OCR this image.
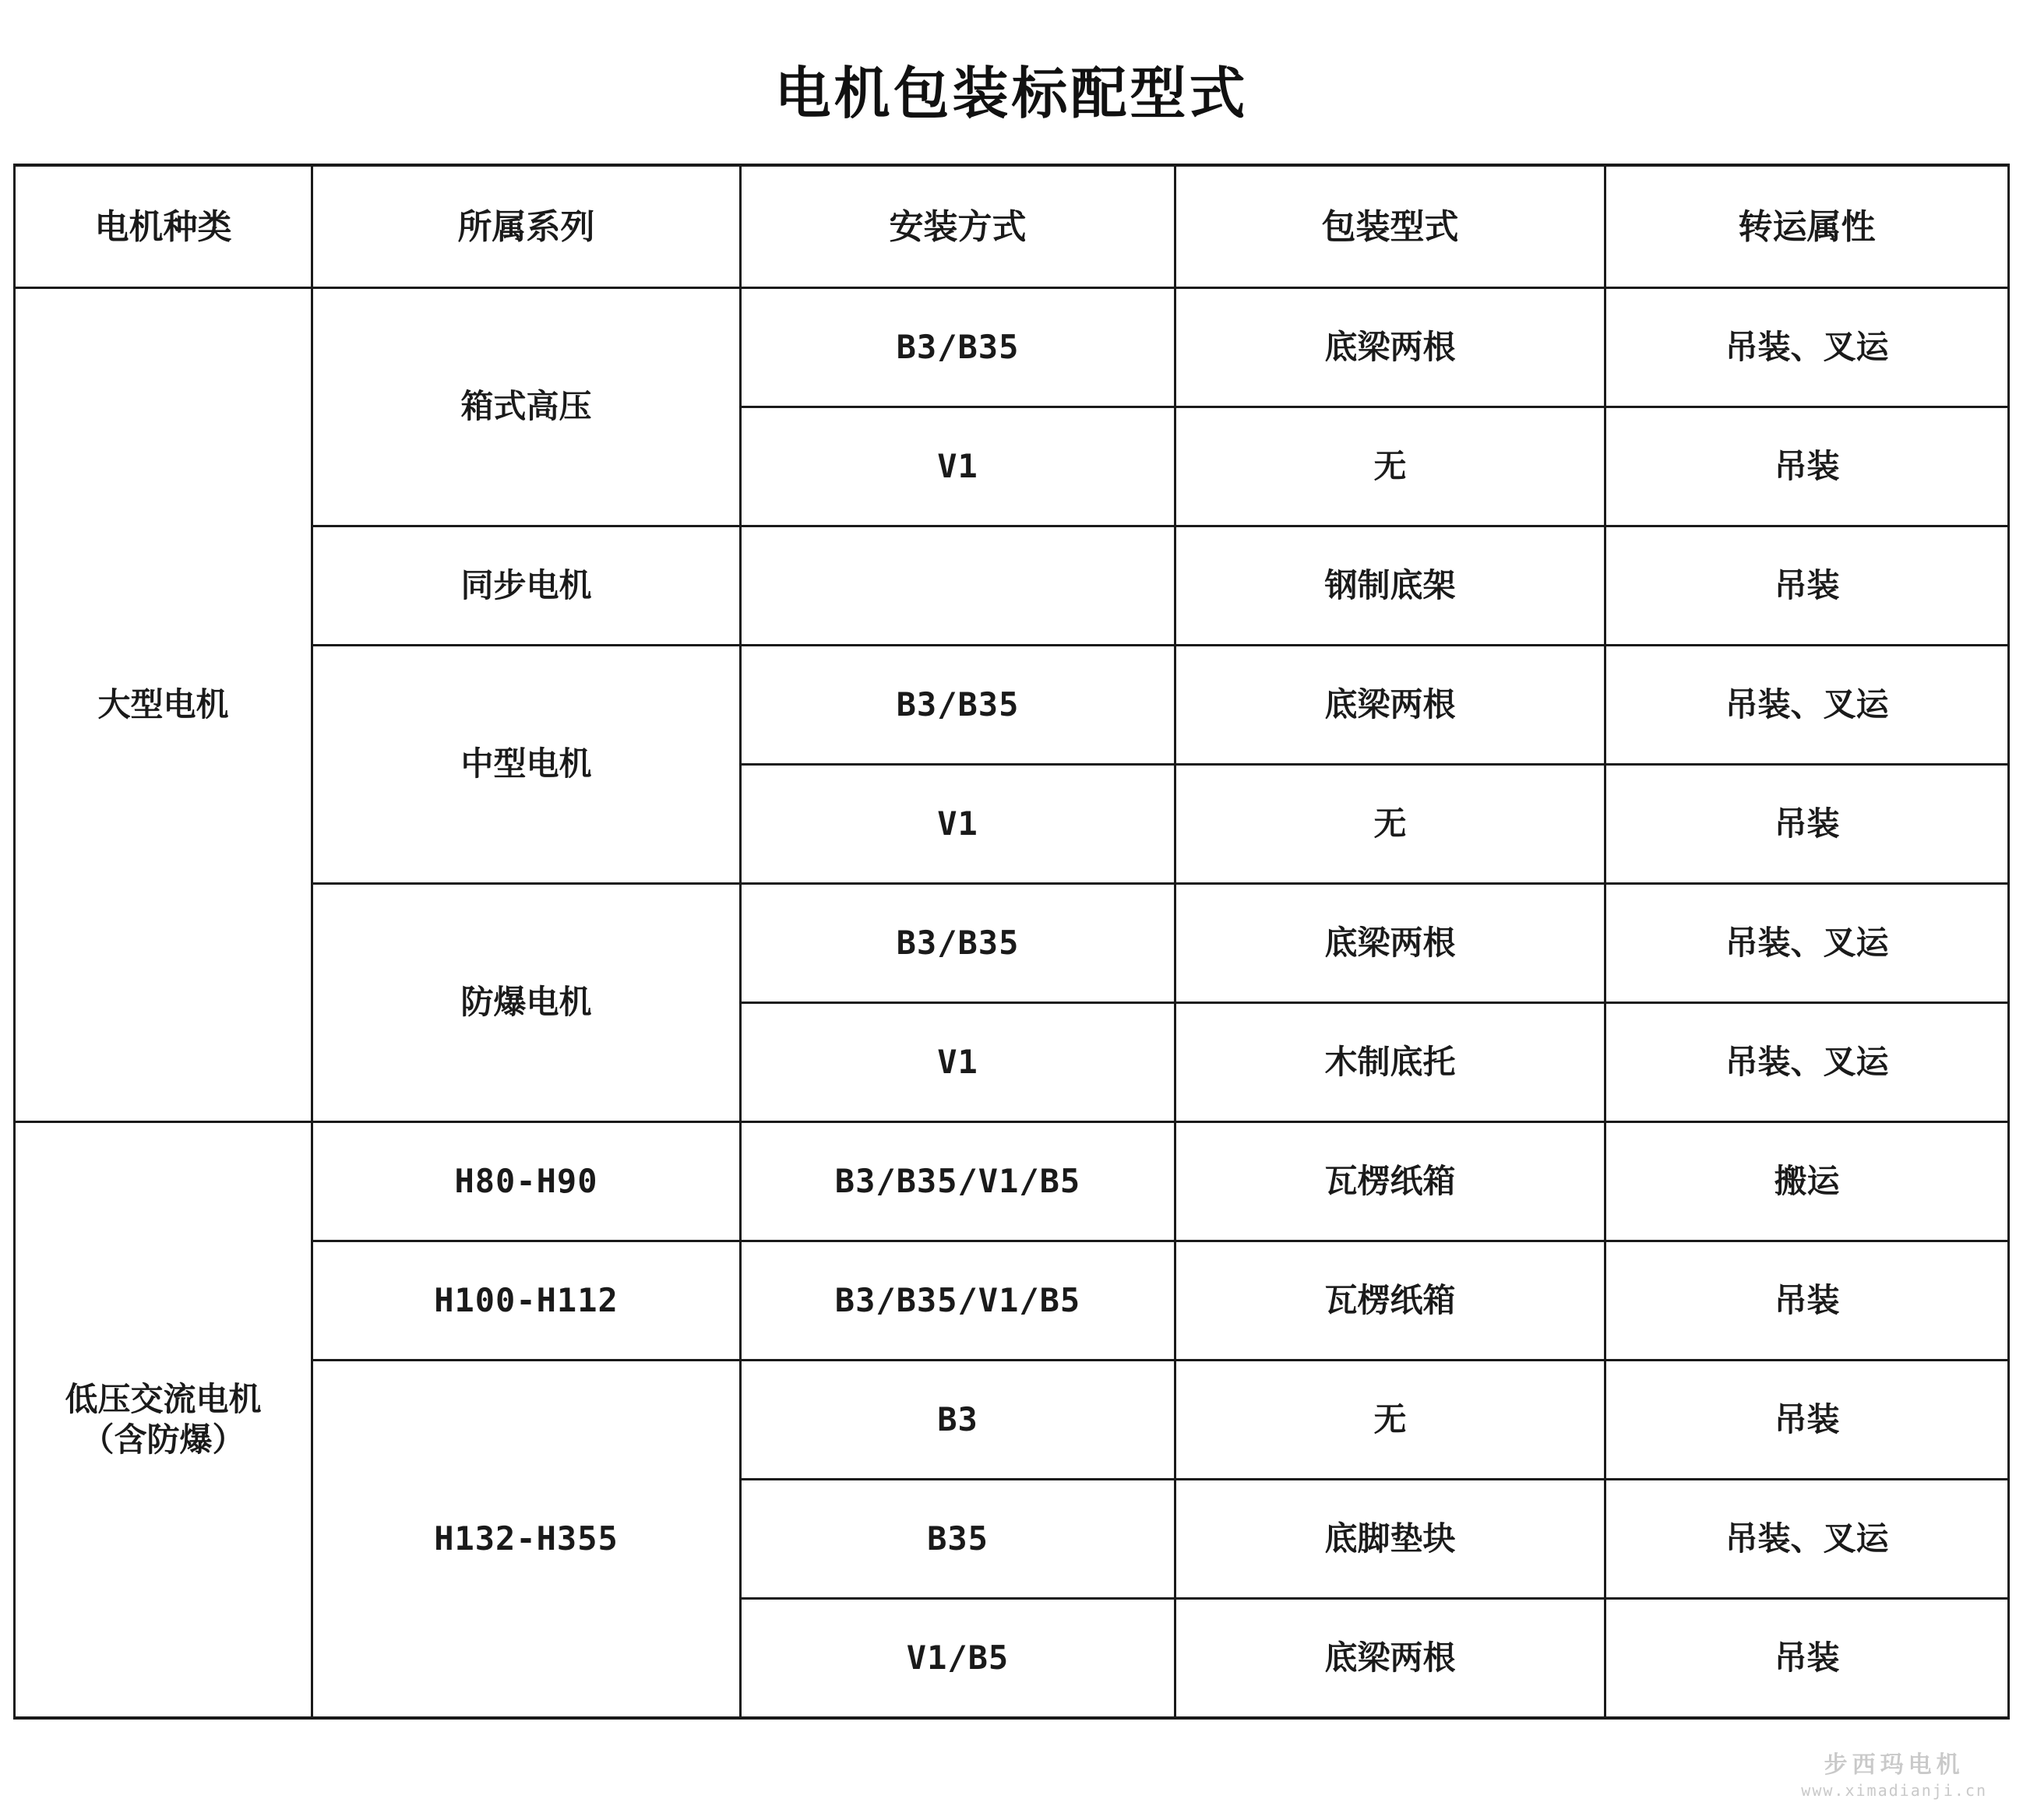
电机包装标配型式
电机种类	所属系列	安装方式	包装型式	转运属性
大型电机	箱式高压	B3/B35	底梁两根	吊装、叉运
		V1	无	吊装
	同步电机		钢制底架	吊装
	中型电机	B3/B35	底梁两根	吊装、叉运
		V1	无	吊装
	防爆电机	B3/B35	底梁两根	吊装、叉运
		V1	木制底托	吊装、叉运
低压交流电机
（含防爆）	H80-H90	B3/B35/V1/B5	瓦楞纸箱	搬运
	H100-H112	B3/B35/V1/B5	瓦楞纸箱	吊装
	H132-H355	B3	无	吊装
		B35	底脚垫块	吊装、叉运
		V1/B5	底梁两根	吊装
步西玛电机
www.ximadianji.cn
